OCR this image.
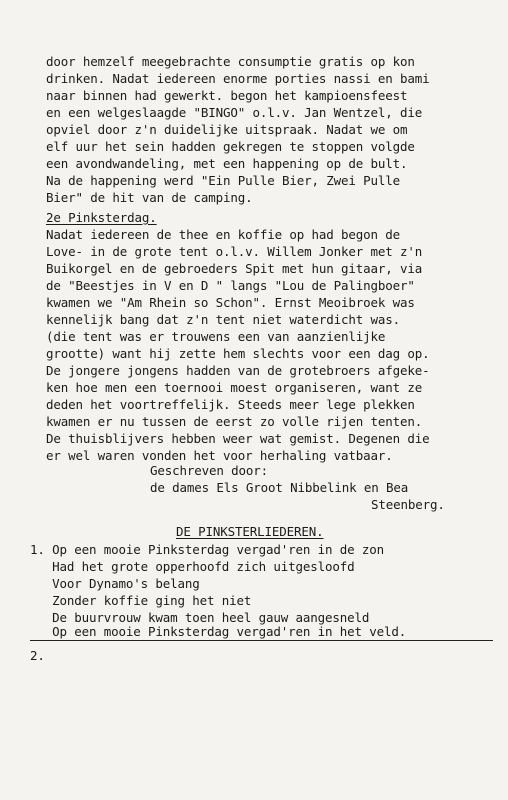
door hemzelf meegebrachte consumptie gratis op kon
drinken. Nadat iedereen enorme porties nassi en bami
naar binnen had gewerkt. begon het kampioensfeest
en een welgeslaagde "BINGO" o.l.v. Jan Wentzel, die
opviel door z'n duidelijke uitspraak. Nadat we om
elf uur het sein hadden gekregen te stoppen volgde
een avondwandeling, met een happening op de bult.
Na de happening werd "Ein Pulle Bier, Zwei Pulle
Bier" de hit van de camping.
2e Pinksterdag.
Nadat iedereen de thee en koffie op had begon de
Love- in de grote tent o.l.v. Willem Jonker met z'n
Buikorgel en de gebroeders Spit met hun gitaar, via
de "Beestjes in V en D " langs "Lou de Palingboer"
kwamen we "Am Rhein so Schon". Ernst Meoibroek was
kennelijk bang dat z'n tent niet waterdicht was.
(die tent was er trouwens een van aanzienlijke
grootte) want hij zette hem slechts voor een dag op.
De jongere jongens hadden van de grotebroers afgeke-
ken hoe men een toernooi moest organiseren, want ze
deden het voortreffelijk. Steeds meer lege plekken
kwamen er nu tussen de eerst zo volle rijen tenten.
De thuisblijvers hebben weer wat gemist. Degenen die
er wel waren vonden het voor herhaling vatbaar.
Geschreven door:
de dames Els Groot Nibbelink en Bea
Steenberg.
DE PINKSTERLIEDEREN.
1. Op een mooie Pinksterdag vergad'ren in de zon
Had het grote opperhoofd zich uitgesloofd
Voor Dynamo's belang
Zonder koffie ging het niet
De buurvrouw kwam toen heel gauw aangesneld
Op een mooie Pinksterdag vergad'ren in het veld.
2.
